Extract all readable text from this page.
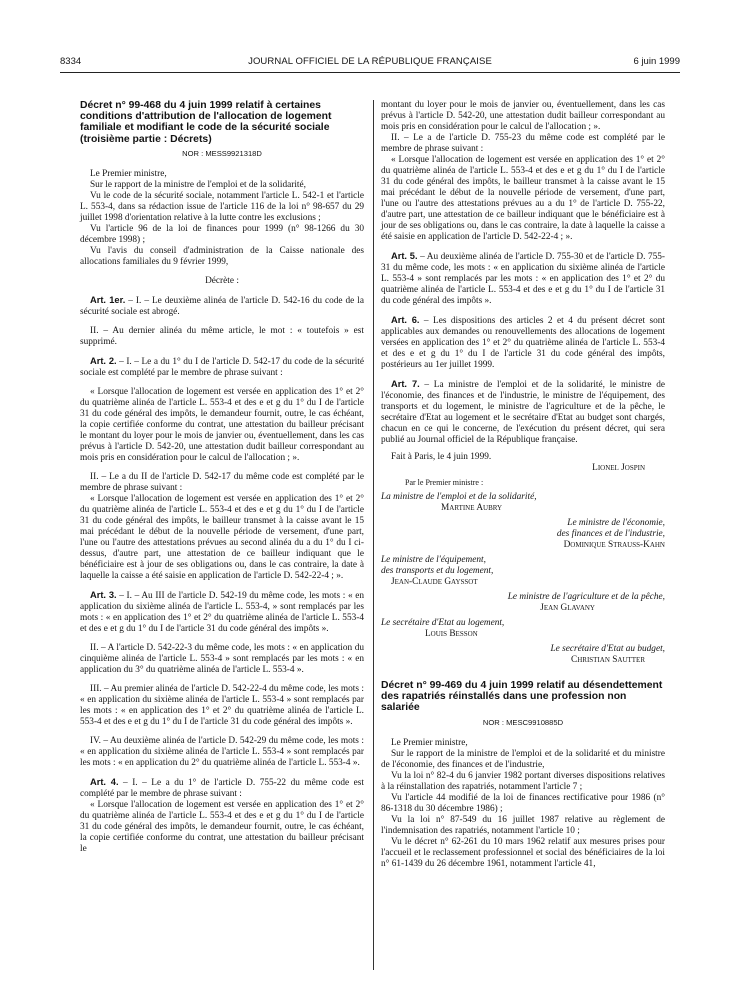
8334	JOURNAL OFFICIEL DE LA RÉPUBLIQUE FRANÇAISE	6 juin 1999
Décret n° 99-468 du 4 juin 1999 relatif à certaines conditions d'attribution de l'allocation de logement familiale et modifiant le code de la sécurité sociale (troisième partie : Décrets)
NOR : MESS9921318D

Le Premier ministre,

Sur le rapport de la ministre de l'emploi et de la solidarité,

Vu le code de la sécurité sociale, notamment l'article L. 542-1 et l'article L. 553-4, dans sa rédaction issue de l'article 116 de la loi n° 98-657 du 29 juillet 1998 d'orientation relative à la lutte contre les exclusions ;

Vu l'article 96 de la loi de finances pour 1999 (n° 98-1266 du 30 décembre 1998) ;

Vu l'avis du conseil d'administration de la Caisse nationale des allocations familiales du 9 février 1999,

Décrète :

Art. 1er. – I. – Le deuxième alinéa de l'article D. 542-16 du code de la sécurité sociale est abrogé.

II. – Au dernier alinéa du même article, le mot : « toutefois » est supprimé.

Art. 2. – I. – Le a du 1° du I de l'article D. 542-17 du code de la sécurité sociale est complété par le membre de phrase suivant :

« Lorsque l'allocation de logement est versée en application des 1° et 2° du quatrième alinéa de l'article L. 553-4 et des e et g du 1° du I de l'article 31 du code général des impôts, le demandeur fournit, outre, le cas échéant, la copie certifiée conforme du contrat, une attestation du bailleur précisant le montant du loyer pour le mois de janvier ou, éventuellement, dans les cas prévus à l'article D. 542-20, une attestation dudit bailleur correspondant au mois pris en considération pour le calcul de l'allocation ; ».

II. – Le a du II de l'article D. 542-17 du même code est complété par le membre de phrase suivant :

« Lorsque l'allocation de logement est versée en application des 1° et 2° du quatrième alinéa de l'article L. 553-4 et des e et g du 1° du I de l'article 31 du code général des impôts, le bailleur transmet à la caisse avant le 15 mai précédant le début de la nouvelle période de versement, d'une part, l'une ou l'autre des attestations prévues au second alinéa du a du 1° du I ci-dessus, d'autre part, une attestation de ce bailleur indiquant que le bénéficiaire est à jour de ses obligations ou, dans le cas contraire, la date à laquelle la caisse a été saisie en application de l'article D. 542-22-4 ; ».

Art. 3. – I. – Au III de l'article D. 542-19 du même code, les mots : « en application du sixième alinéa de l'article L. 553-4, » sont remplacés par les mots : « en application des 1° et 2° du quatrième alinéa de l'article L. 553-4 et des e et g du 1° du I de l'article 31 du code général des impôts ».

II. – A l'article D. 542-22-3 du même code, les mots : « en application du cinquième alinéa de l'article L. 553-4 » sont remplacés par les mots : « en application du 3° du quatrième alinéa de l'article L. 553-4 ».

III. – Au premier alinéa de l'article D. 542-22-4 du même code, les mots : « en application du sixième alinéa de l'article L. 553-4 » sont remplacés par les mots : « en application des 1° et 2° du quatrième alinéa de l'article L. 553-4 et des e et g du 1° du I de l'article 31 du code général des impôts ».

IV. – Au deuxième alinéa de l'article D. 542-29 du même code, les mots : « en application du sixième alinéa de l'article L. 553-4 » sont remplacés par les mots : « en application du 2° du quatrième alinéa de l'article L. 553-4 ».

Art. 4. – I. – Le a du 1° de l'article D. 755-22 du même code est complété par le membre de phrase suivant :

« Lorsque l'allocation de logement est versée en application des 1° et 2° du quatrième alinéa de l'article L. 553-4 et des e et g du 1° du I de l'article 31 du code général des impôts, le demandeur fournit, outre, le cas échéant, la copie certifiée conforme du contrat, une attestation du bailleur précisant le

montant du loyer pour le mois de janvier ou, éventuellement, dans les cas prévus à l'article D. 542-20, une attestation dudit bailleur correspondant au mois pris en considération pour le calcul de l'allocation ; ».

II. – Le a de l'article D. 755-23 du même code est complété par le membre de phrase suivant :

« Lorsque l'allocation de logement est versée en application des 1° et 2° du quatrième alinéa de l'article L. 553-4 et des e et g du 1° du I de l'article 31 du code général des impôts, le bailleur transmet à la caisse avant le 15 mai précédant le début de la nouvelle période de versement, d'une part, l'une ou l'autre des attestations prévues au a du 1° de l'article D. 755-22, d'autre part, une attestation de ce bailleur indiquant que le bénéficiaire est à jour de ses obligations ou, dans le cas contraire, la date à laquelle la caisse a été saisie en application de l'article D. 542-22-4 ; ».

Art. 5. – Au deuxième alinéa de l'article D. 755-30 et de l'article D. 755-31 du même code, les mots : « en application du sixième alinéa de l'article L. 553-4 » sont remplacés par les mots : « en application des 1° et 2° du quatrième alinéa de l'article L. 553-4 et des e et g du 1° du I de l'article 31 du code général des impôts ».

Art. 6. – Les dispositions des articles 2 et 4 du présent décret sont applicables aux demandes ou renouvellements des allocations de logement versées en application des 1° et 2° du quatrième alinéa de l'article L. 553-4 et des e et g du 1° du I de l'article 31 du code général des impôts, postérieurs au 1er juillet 1999.

Art. 7. – La ministre de l'emploi et de la solidarité, le ministre de l'économie, des finances et de l'industrie, le ministre de l'équipement, des transports et du logement, le ministre de l'agriculture et de la pêche, le secrétaire d'Etat au logement et le secrétaire d'Etat au budget sont chargés, chacun en ce qui le concerne, de l'exécution du présent décret, qui sera publié au Journal officiel de la République française.

Fait à Paris, le 4 juin 1999.

Lionel Jospin

Par le Premier ministre :

La ministre de l'emploi et de la solidarité,

Martine Aubry

Le ministre de l'économie,

des finances et de l'industrie,

Dominique Strauss-Kahn

Le ministre de l'équipement,

des transports et du logement,

Jean-Claude Gayssot

Le ministre de l'agriculture et de la pêche,

Jean Glavany

Le secrétaire d'Etat au logement,

Louis Besson

Le secrétaire d'Etat au budget,

Christian Sautter

Décret n° 99-469 du 4 juin 1999 relatif au désendettement des rapatriés réinstallés dans une profession non salariée
NOR : MESC9910885D

Le Premier ministre,

Sur le rapport de la ministre de l'emploi et de la solidarité et du ministre de l'économie, des finances et de l'industrie,

Vu la loi n° 82-4 du 6 janvier 1982 portant diverses dispositions relatives à la réinstallation des rapatriés, notamment l'article 7 ;

Vu l'article 44 modifié de la loi de finances rectificative pour 1986 (n° 86-1318 du 30 décembre 1986) ;

Vu la loi n° 87-549 du 16 juillet 1987 relative au règlement de l'indemnisation des rapatriés, notamment l'article 10 ;

Vu le décret n° 62-261 du 10 mars 1962 relatif aux mesures prises pour l'accueil et le reclassement professionnel et social des bénéficiaires de la loi n° 61-1439 du 26 décembre 1961, notamment l'article 41,
